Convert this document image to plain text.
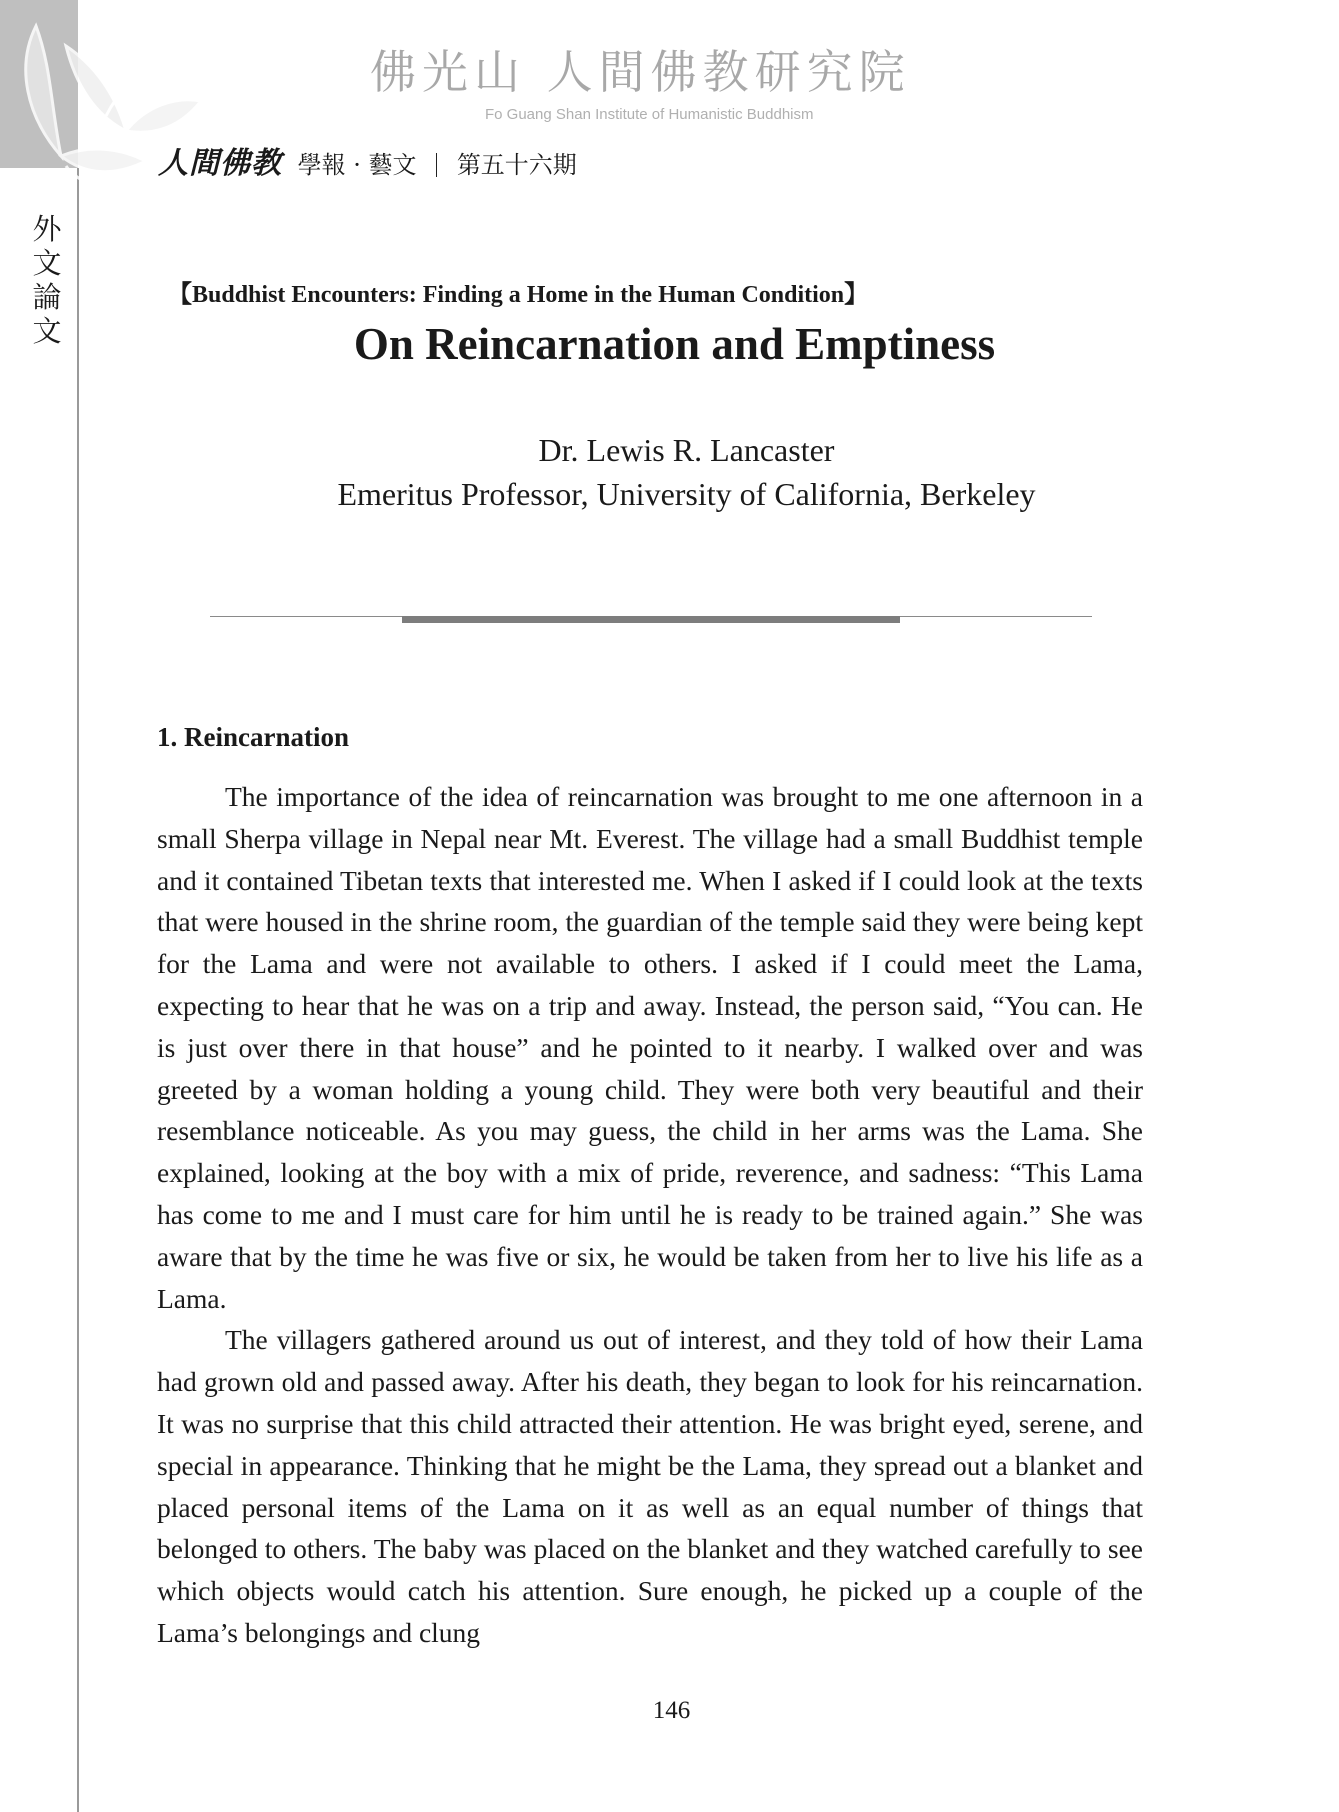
佛光山 人間佛教研究院
Fo Guang Shan Institute of Humanistic Buddhism
人間佛教 學報 · 藝文 第五十六期
外文論文
【Buddhist Encounters: Finding a Home in the Human Condition】
On Reincarnation and Emptiness
Dr. Lewis R. Lancaster
Emeritus Professor, University of California, Berkeley
1. Reincarnation

The importance of the idea of reincarnation was brought to me one afternoon in a small Sherpa village in Nepal near Mt. Everest. The village had a small Buddhist temple and it contained Tibetan texts that interested me. When I asked if I could look at the texts that were housed in the shrine room, the guardian of the temple said they were being kept for the Lama and were not available to others. I asked if I could meet the Lama, expecting to hear that he was on a trip and away. Instead, the person said, “You can. He is just over there in that house” and he pointed to it nearby. I walked over and was greeted by a woman holding a young child. They were both very beautiful and their resemblance noticeable. As you may guess, the child in her arms was the Lama. She explained, looking at the boy with a mix of pride, reverence, and sadness: “This Lama has come to me and I must care for him until he is ready to be trained again.” She was aware that by the time he was five or six, he would be taken from her to live his life as a Lama.

The villagers gathered around us out of interest, and they told of how their Lama had grown old and passed away. After his death, they began to look for his reincarnation. It was no surprise that this child attracted their attention. He was bright eyed, serene, and special in appearance. Thinking that he might be the Lama, they spread out a blanket and placed personal items of the Lama on it as well as an equal number of things that belonged to others. The baby was placed on the blanket and they watched carefully to see which objects would catch his attention. Sure enough, he picked up a couple of the Lama’s belongings and clung

146
